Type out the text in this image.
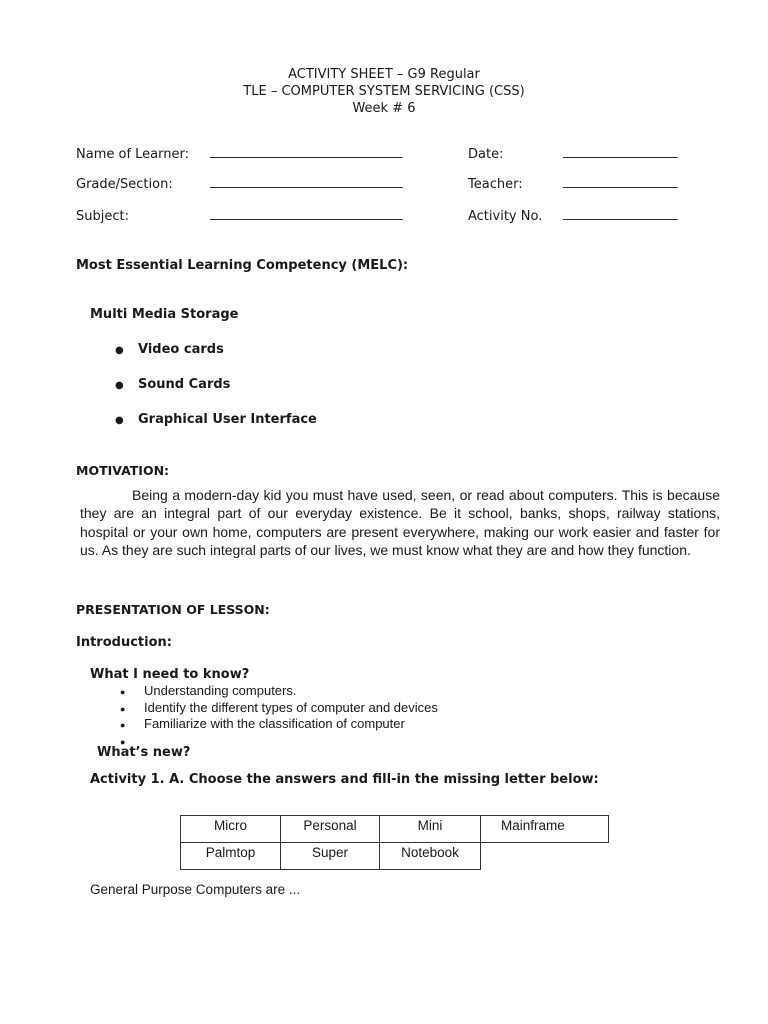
ACTIVITY SHEET – G9 Regular
TLE – COMPUTER SYSTEM SERVICING (CSS)
Week # 6
Name of Learner: ________________________________	Date:	___________________
Grade/Section:	________________________________	Teacher:	___________________
Subject:	________________________________	Activity No. ___________________
Most Essential Learning Competency (MELC):
Multi Media Storage
● Video cards
● Sound Cards
● Graphical User Interface
MOTIVATION:
Being a modern-day kid you must have used, seen, or read about computers. This is because they are an integral part of our everyday existence. Be it school, banks, shops, railway stations, hospital or your own home, computers are present everywhere, making our work easier and faster for us. As they are such integral parts of our lives, we must know what they are and how they function.
PRESENTATION OF LESSON:
Introduction:
What I need to know?
● Understanding computers.
● Identify the different types of computer and devices
● Familiarize with the classification of computer
●
What’s new?
Activity 1. A. Choose the answers and fill-in the missing letter below:
Micro	Personal	Mini	Mainframe

Palmtop	Super	Notebook	

General Purpose Computers are ...
